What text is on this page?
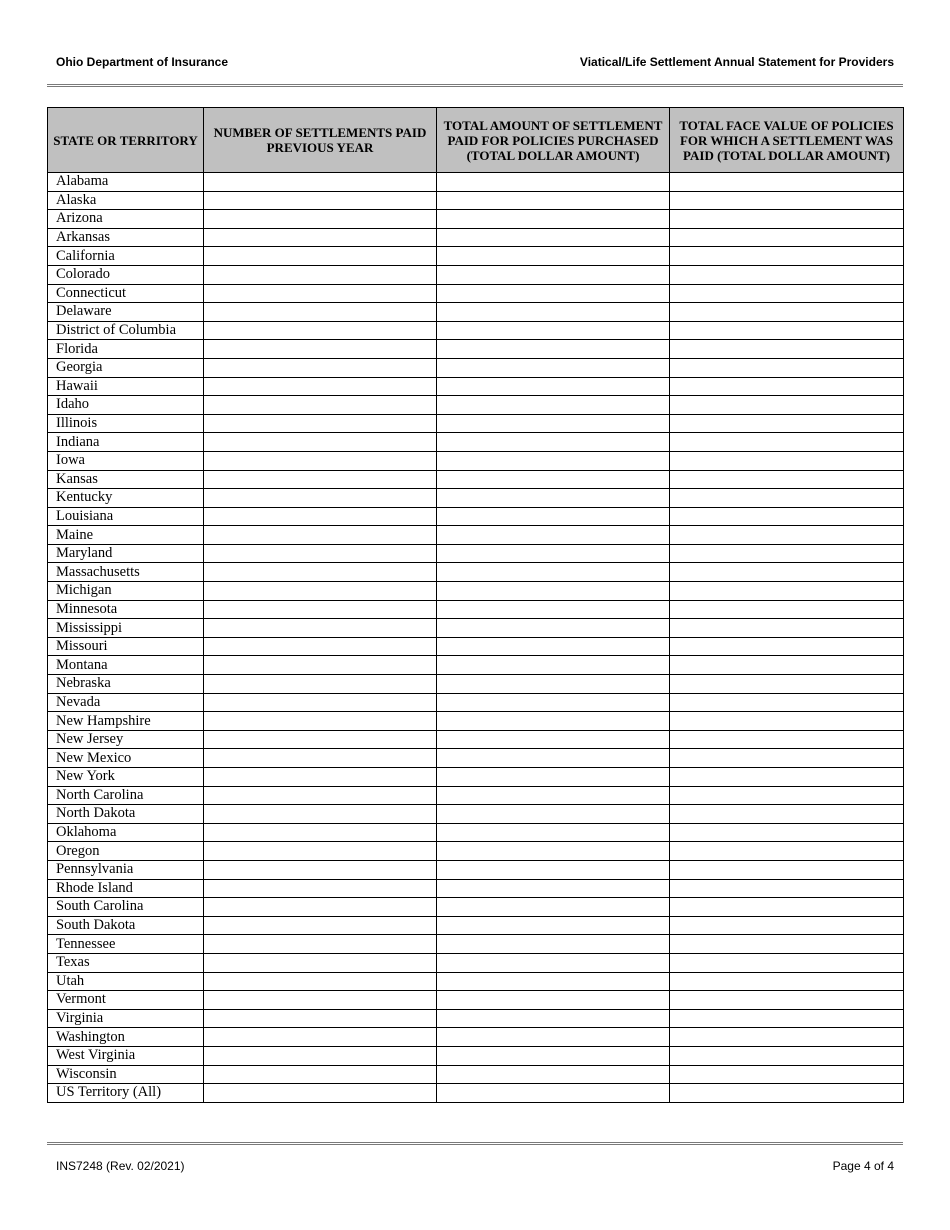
Ohio Department of Insurance	Viatical/Life Settlement Annual Statement for Providers
STATE OR TERRITORY	NUMBER OF SETTLEMENTS PAID PREVIOUS YEAR	TOTAL AMOUNT OF SETTLEMENT PAID FOR POLICIES PURCHASED (TOTAL DOLLAR AMOUNT)	TOTAL FACE VALUE OF POLICIES FOR WHICH A SETTLEMENT WAS PAID (TOTAL DOLLAR AMOUNT)
Alabama			
Alaska			
Arizona			
Arkansas			
California			
Colorado			
Connecticut			
Delaware			
District of Columbia			
Florida			
Georgia			
Hawaii			
Idaho			
Illinois			
Indiana			
Iowa			
Kansas			
Kentucky			
Louisiana			
Maine			
Maryland			
Massachusetts			
Michigan			
Minnesota			
Mississippi			
Missouri			
Montana			
Nebraska			
Nevada			
New Hampshire			
New Jersey			
New Mexico			
New York			
North Carolina			
North Dakota			
Oklahoma			
Oregon			
Pennsylvania			
Rhode Island			
South Carolina			
South Dakota			
Tennessee			
Texas			
Utah			
Vermont			
Virginia			
Washington			
West Virginia			
Wisconsin			
US Territory (All)			
INS7248 (Rev. 02/2021)	Page 4 of 4
